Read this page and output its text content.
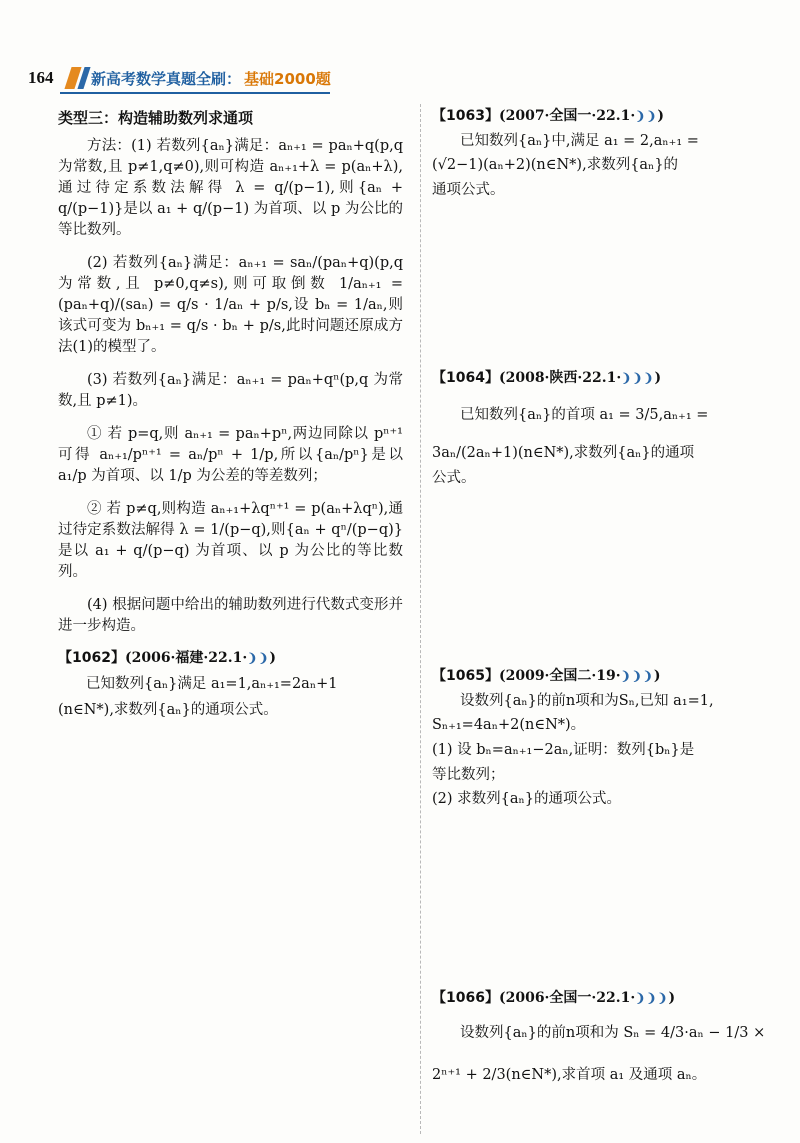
164	新高考数学真题全刷： 基础2000题
类型三：构造辅助数列求通项
方法：(1) 若数列{aₙ}满足：aₙ₊₁ = paₙ+q(p,q 为常数,且 p≠1,q≠0),则可构造 aₙ₊₁+λ = p(aₙ+λ),通过待定系数法解得 λ = q/(p−1),则{aₙ + q/(p−1)}是以 a₁ + q/(p−1) 为首项、以 p 为公比的等比数列。
(2) 若数列{aₙ}满足：aₙ₊₁ = saₙ/(paₙ+q)(p,q 为常数,且 p≠0,q≠s),则可取倒数 1/aₙ₊₁ = (paₙ+q)/(saₙ) = q/s · 1/aₙ + p/s,设 bₙ = 1/aₙ,则该式可变为 bₙ₊₁ = q/s · bₙ + p/s,此时问题还原成方法(1)的模型了。
(3) 若数列{aₙ}满足：aₙ₊₁ = paₙ+qⁿ(p,q 为常数,且 p≠1)。
① 若 p=q,则 aₙ₊₁ = paₙ+pⁿ,两边同除以 pⁿ⁺¹ 可得 aₙ₊₁/pⁿ⁺¹ = aₙ/pⁿ + 1/p,所以{aₙ/pⁿ}是以 a₁/p 为首项、以 1/p 为公差的等差数列；
② 若 p≠q,则构造 aₙ₊₁+λqⁿ⁺¹ = p(aₙ+λqⁿ),通过待定系数法解得 λ = 1/(p−q),则{aₙ + qⁿ/(p−q)}是以 a₁ + q/(p−q) 为首项、以 p 为公比的等比数列。
(4) 根据问题中给出的辅助数列进行代数式变形并进一步构造。
【1062】(2006·福建·22.1·❩❩)
已知数列{aₙ}满足 a₁=1,aₙ₊₁=2aₙ+1
(n∈N*),求数列{aₙ}的通项公式。
【1063】(2007·全国一·22.1·❩❩)
已知数列{aₙ}中,满足 a₁ = 2,aₙ₊₁ =
(√2−1)(aₙ+2)(n∈N*),求数列{aₙ}的
通项公式。
【1064】(2008·陕西·22.1·❩❩❩)
已知数列{aₙ}的首项 a₁ = 3/5,aₙ₊₁ =
3aₙ/(2aₙ+1)(n∈N*),求数列{aₙ}的通项
公式。
【1065】(2009·全国二·19·❩❩❩)
设数列{aₙ}的前n项和为Sₙ,已知 a₁=1,
Sₙ₊₁=4aₙ+2(n∈N*)。
(1) 设 bₙ=aₙ₊₁−2aₙ,证明：数列{bₙ}是
等比数列；
(2) 求数列{aₙ}的通项公式。
【1066】(2006·全国一·22.1·❩❩❩)
设数列{aₙ}的前n项和为 Sₙ = 4/3·aₙ − 1/3 ×
2ⁿ⁺¹ + 2/3(n∈N*),求首项 a₁ 及通项 aₙ。
